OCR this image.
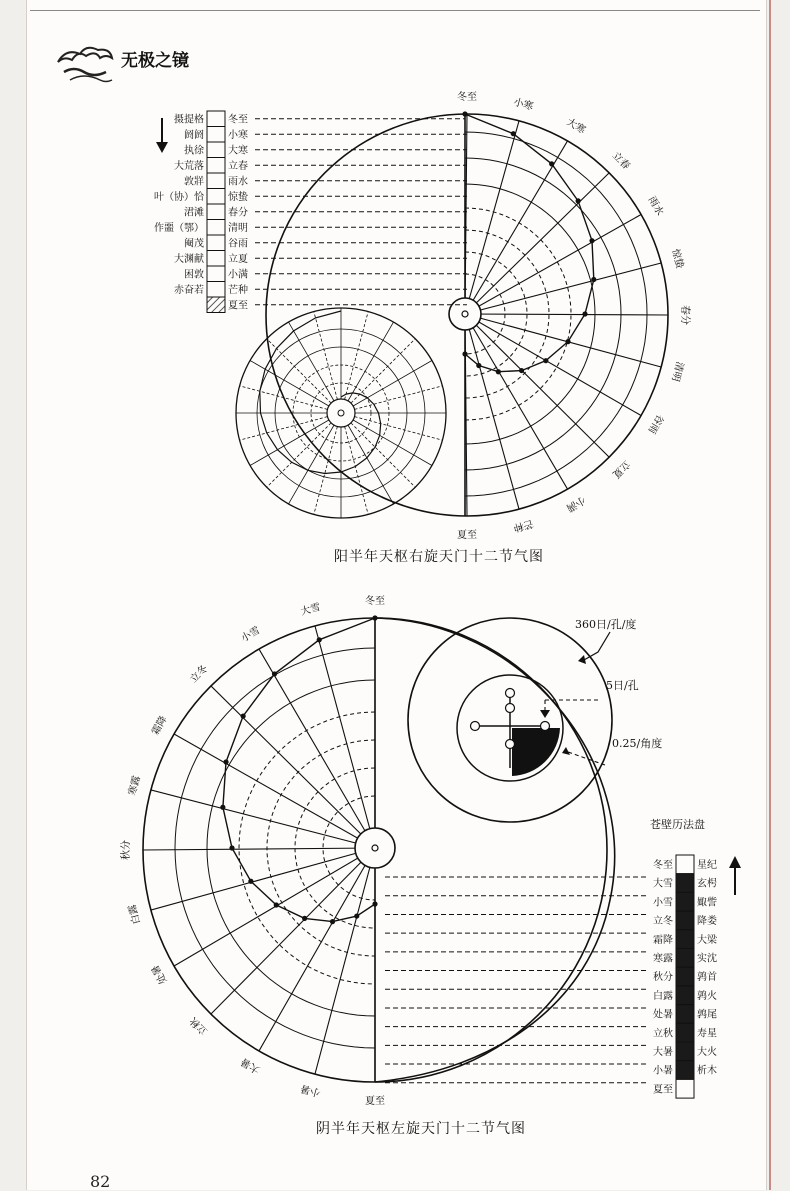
无极之镜
冬至	小寒
大寒
立春
雨水
惊蛰
春分
清明
谷雨
立夏
小满
芒种
夏至
摄提格 冬至
阏阏 小寒
执徐 大寒
大荒落 立春
敦牂 雨水
叶（协）恰 惊蛰
涒滩 春分
作噩（鄂） 清明
阉茂 谷雨
大渊献 立夏
困敦 小满
赤奋若 芒种
夏至
阳半年天枢右旋天门十二节气图
冬至
大雪
小雪
立冬
霜降
寒露
秋分
白露
处暑
立秋
大暑
小暑
夏至
冬至 星纪
大雪 玄枵
小雪 娵訾
立冬 降娄
霜降 大梁
寒露 实沈
秋分 鹑首
白露 鹑火
处暑 鹑尾
立秋 寿星
大暑 大火
小暑 析木
夏至
苍壁历法盘
360日/孔/度
5日/孔
0.25/角度
阴半年天枢左旋天门十二节气图
82
